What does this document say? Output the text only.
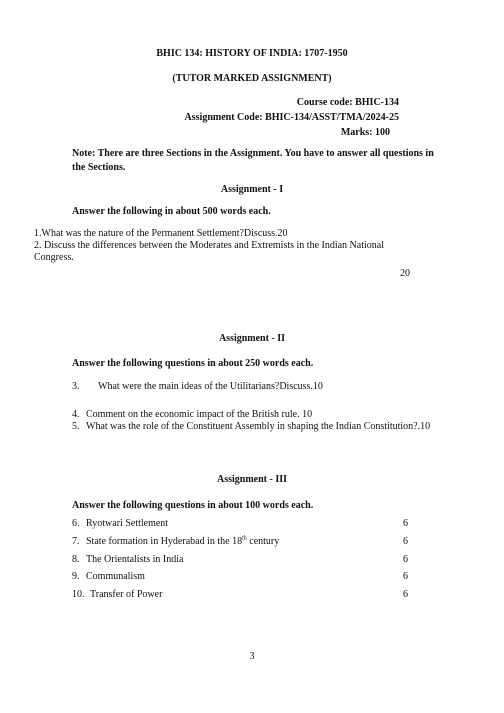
BHIC 134: HISTORY OF INDIA: 1707-1950
(TUTOR MARKED ASSIGNMENT)
Course code: BHIC-134
Assignment Code: BHIC-134/ASST/TMA/2024-25
Marks: 100
Note: There are three Sections in the Assignment. You have to answer all questions in
the Sections.
Assignment - I
Answer the following in about 500 words each.
1.What was the nature of the Permanent Settlement?Discuss.20
2. Discuss the differences between the Moderates and Extremists in the Indian National
Congress.
20
Assignment - II
Answer the following questions in about 250 words each.
3. What were the main ideas of the Utilitarians?Discuss.10
4. Comment on the economic impact of the British rule. 10
5. What was the role of the Constituent Assembly in shaping the Indian Constitution?.10
Assignment - III
Answer the following questions in about 100 words each.
6. Ryotwari Settlement	6
7. State formation in Hyderabad in the 18th century	6
8. The Orientalists in India	6
9. Communalism	6
10. Transfer of Power	6
3
